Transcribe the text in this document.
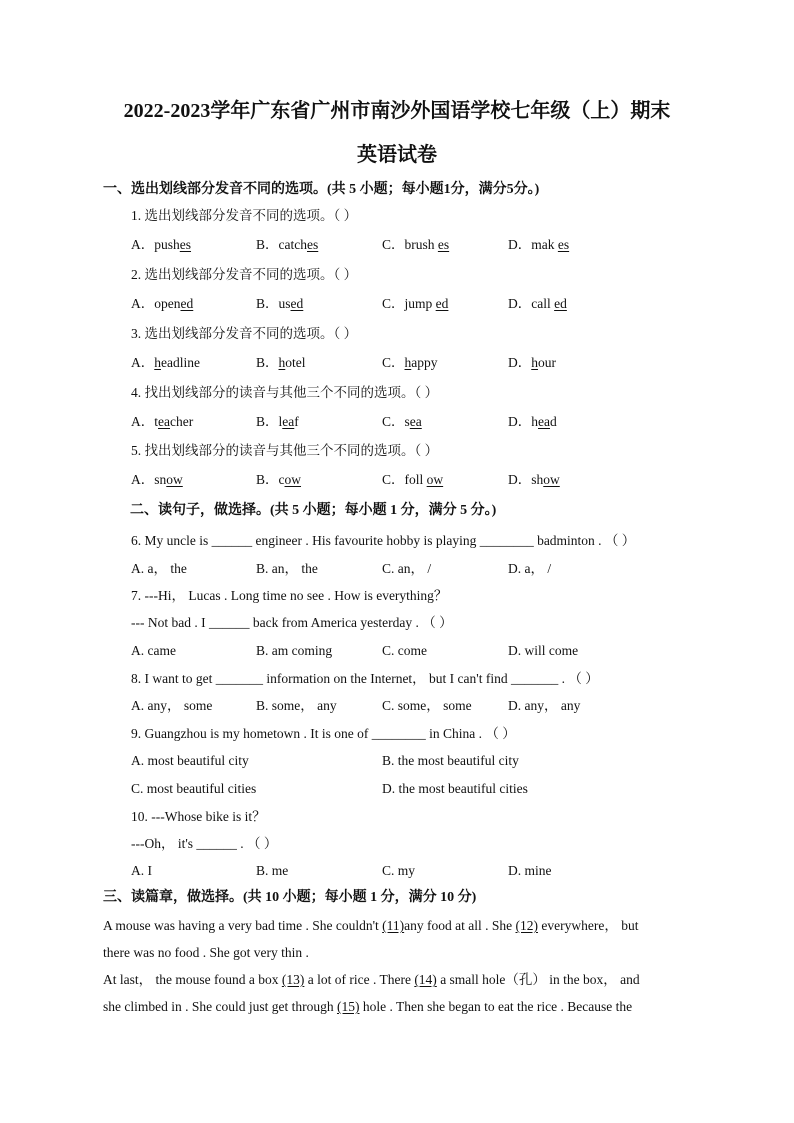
2022-2023学年广东省广州市南沙外国语学校七年级（上）期末
英语试卷
一、选出划线部分发音不同的选项。(共 5 小题；每小题1分，满分5分。)
1. 选出划线部分发音不同的选项。（ ）
A．pushes	B．catches	C．brush es	D．mak es
2. 选出划线部分发音不同的选项。（ ）
A．opened	B．used	C．jump ed	D．call ed
3. 选出划线部分发音不同的选项。（ ）
A．headline	B．hotel	C．happy	D．hour
4. 找出划线部分的读音与其他三个不同的选项。（ ）
A．teacher	B．leaf	C．sea	D．head
5. 找出划线部分的读音与其他三个不同的选项。（ ）
A．snow	B．cow	C．foll ow	D．show
二、读句子，做选择。(共 5 小题；每小题 1 分，满分 5 分。)
6. My uncle is ______ engineer . His favourite hobby is playing ________ badminton . （ ）
A. a， the	B. an， the	C. an， /	D. a， /
7. ---Hi， Lucas . Long time no see . How is everything？
--- Not bad . I ______ back from America yesterday . （ ）
A. came	B. am coming	C. come	D. will come
8. I want to get _______ information on the Internet， but I can't find _______ . （ ）
A. any， some	B. some， any	C. some， some	D. any， any
9. Guangzhou is my hometown . It is one of ________ in China . （ ）
A. most beautiful city	B. the most beautiful city
C. most beautiful cities	D. the most beautiful cities
10. ---Whose bike is it？
---Oh， it's ______ . （ ）
A. I	B. me	C. my	D. mine
三、读篇章，做选择。(共 10 小题；每小题 1 分，满分 10 分)
A mouse was having a very bad time . She couldn't (11)any food at all . She (12) everywhere， but
there was no food . She got very thin .
At last， the mouse found a box (13) a lot of rice . There (14) a small hole（孔） in the box， and
she climbed in . She could just get through (15) hole . Then she began to eat the rice . Because the
